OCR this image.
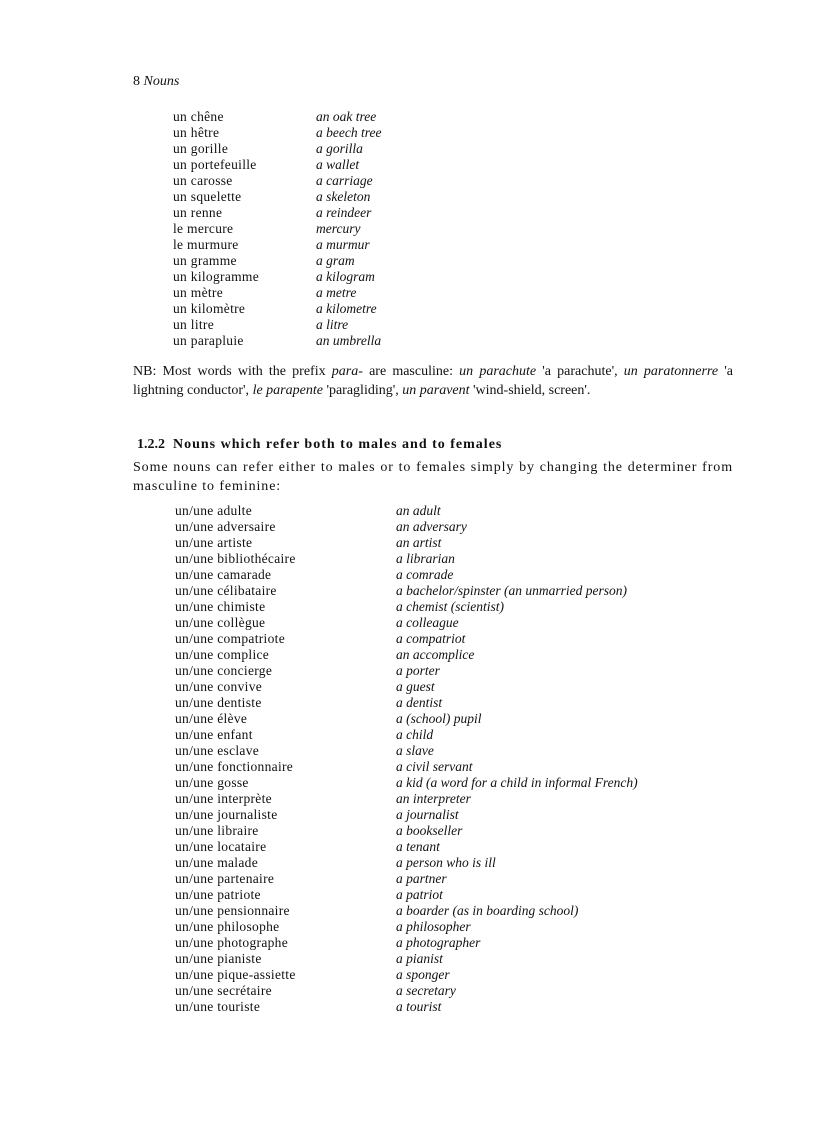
8 Nouns
un chêne	an oak tree
un hêtre	a beech tree
un gorille	a gorilla
un portefeuille	a wallet
un carosse	a carriage
un squelette	a skeleton
un renne	a reindeer
le mercure	mercury
le murmure	a murmur
un gramme	a gram
un kilogramme	a kilogram
un mètre	a metre
un kilomètre	a kilometre
un litre	a litre
un parapluie	an umbrella

NB: Most words with the prefix para- are masculine: un parachute 'a parachute', un paratonnerre 'a lightning conductor', le parapente 'paragliding', un paravent 'wind-shield, screen'.

1.2.2 Nouns which refer both to males and to females

Some nouns can refer either to males or to females simply by changing the determiner from masculine to feminine:

un/une adulte	an adult
un/une adversaire	an adversary
un/une artiste	an artist
un/une bibliothécaire	a librarian
un/une camarade	a comrade
un/une célibataire	a bachelor/spinster (an unmarried person)
un/une chimiste	a chemist (scientist)
un/une collègue	a colleague
un/une compatriote	a compatriot
un/une complice	an accomplice
un/une concierge	a porter
un/une convive	a guest
un/une dentiste	a dentist
un/une élève	a (school) pupil
un/une enfant	a child
un/une esclave	a slave
un/une fonctionnaire	a civil servant
un/une gosse	a kid (a word for a child in informal French)
un/une interprète	an interpreter
un/une journaliste	a journalist
un/une libraire	a bookseller
un/une locataire	a tenant
un/une malade	a person who is ill
un/une partenaire	a partner
un/une patriote	a patriot
un/une pensionnaire	a boarder (as in boarding school)
un/une philosophe	a philosopher
un/une photographe	a photographer
un/une pianiste	a pianist
un/une pique-assiette	a sponger
un/une secrétaire	a secretary
un/une touriste	a tourist
